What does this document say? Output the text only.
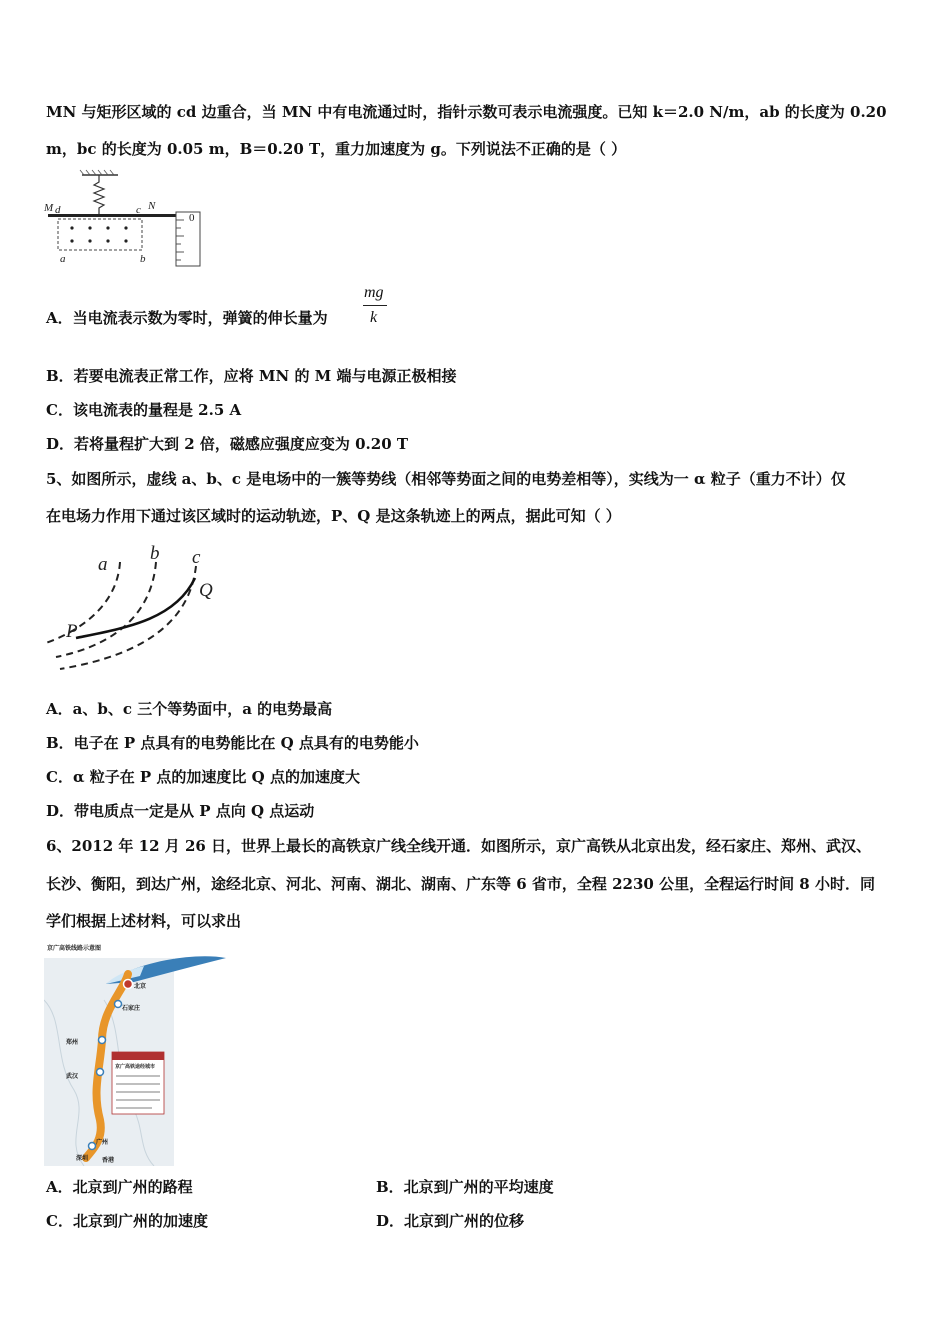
MN 与矩形区域的 cd 边重合，当 MN 中有电流通过时，指针示数可表示电流强度。已知 k＝2.0 N/m，ab 的长度为 0.20
m，bc 的长度为 0.05 m，B＝0.20 T，重力加速度为 g。下列说法不正确的是（ ）
M d	c N
a	b
0
A．当电流表示数为零时，弹簧的伸长量为
mg
k
B．若要电流表正常工作，应将 MN 的 M 端与电源正极相接
C．该电流表的量程是 2.5 A
D．若将量程扩大到 2 倍，磁感应强度应变为 0.20 T
5、如图所示，虚线 a、b、c 是电场中的一簇等势线（相邻等势面之间的电势差相等），实线为一 α 粒子（重力不计）仅
在电场力作用下通过该区域时的运动轨迹，P、Q 是这条轨迹上的两点，据此可知（ ）
a
b c
P
Q
A．a、b、c 三个等势面中，a 的电势最高
B．电子在 P 点具有的电势能比在 Q 点具有的电势能小
C．α 粒子在 P 点的加速度比 Q 点的加速度大
D．带电质点一定是从 P 点向 Q 点运动
6、2012 年 12 月 26 日，世界上最长的高铁京广线全线开通．如图所示，京广高铁从北京出发，经石家庄、郑州、武汉、
长沙、衡阳，到达广州，途经北京、河北、河南、湖北、湖南、广东等 6 省市，全程 2230 公里，全程运行时间 8 小时．同
学们根据上述材料，可以求出
京广高铁线路示意图
北京
石家庄
郑州
武汉
广州
深圳 香港
京广高铁途经城市
A．北京到广州的路程	B．北京到广州的平均速度
C．北京到广州的加速度	D．北京到广州的位移
